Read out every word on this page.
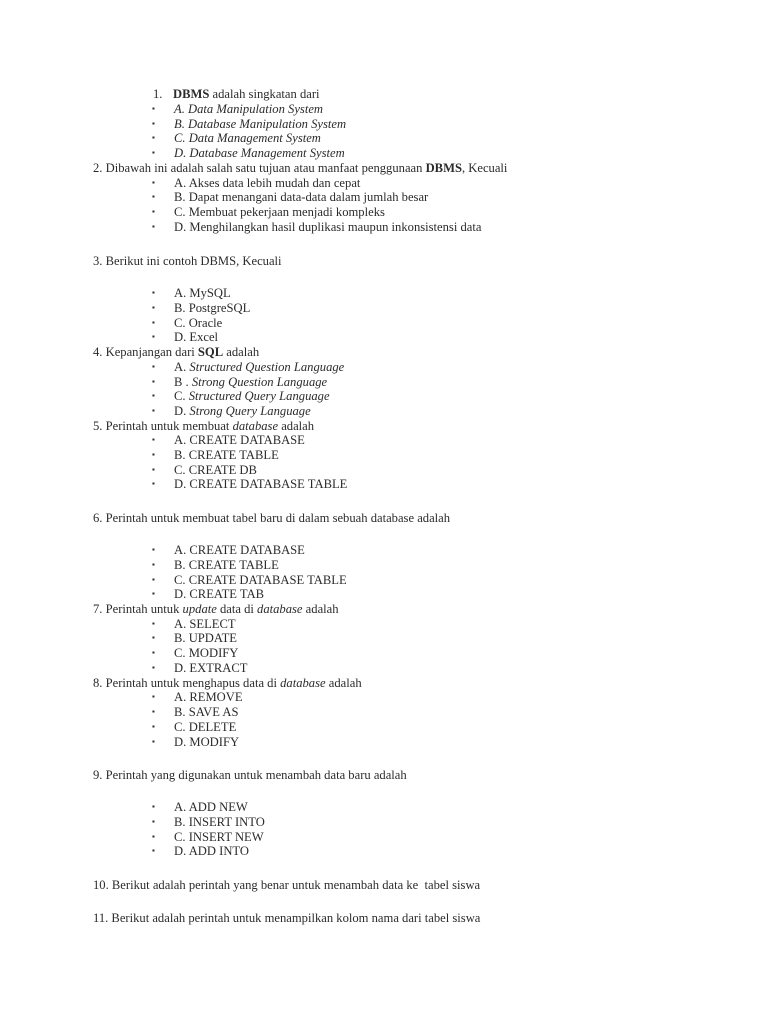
1. DBMS adalah singkatan dari
▪ A. Data Manipulation System
▪ B. Database Manipulation System
▪ C. Data Management System
▪ D. Database Management System
2. Dibawah ini adalah salah satu tujuan atau manfaat penggunaan DBMS, Kecuali
▪ A. Akses data lebih mudah dan cepat
▪ B. Dapat menangani data-data dalam jumlah besar
▪ C. Membuat pekerjaan menjadi kompleks
▪ D. Menghilangkan hasil duplikasi maupun inkonsistensi data
3. Berikut ini contoh DBMS, Kecuali
▪ A. MySQL
▪ B. PostgreSQL
▪ C. Oracle
▪ D. Excel
4. Kepanjangan dari SQL adalah
▪ A. Structured Question Language
▪ B . Strong Question Language
▪ C. Structured Query Language
▪ D. Strong Query Language
5. Perintah untuk membuat database adalah
▪ A. CREATE DATABASE
▪ B. CREATE TABLE
▪ C. CREATE DB
▪ D. CREATE DATABASE TABLE
6. Perintah untuk membuat tabel baru di dalam sebuah database adalah
▪ A. CREATE DATABASE
▪ B. CREATE TABLE
▪ C. CREATE DATABASE TABLE
▪ D. CREATE TAB
7. Perintah untuk update data di database adalah
▪ A. SELECT
▪ B. UPDATE
▪ C. MODIFY
▪ D. EXTRACT
8. Perintah untuk menghapus data di database adalah
▪ A. REMOVE
▪ B. SAVE AS
▪ C. DELETE
▪ D. MODIFY
9. Perintah yang digunakan untuk menambah data baru adalah
▪ A. ADD NEW
▪ B. INSERT INTO
▪ C. INSERT NEW
▪ D. ADD INTO
10. Berikut adalah perintah yang benar untuk menambah data ke  tabel siswa
11. Berikut adalah perintah untuk menampilkan kolom nama dari tabel siswa
